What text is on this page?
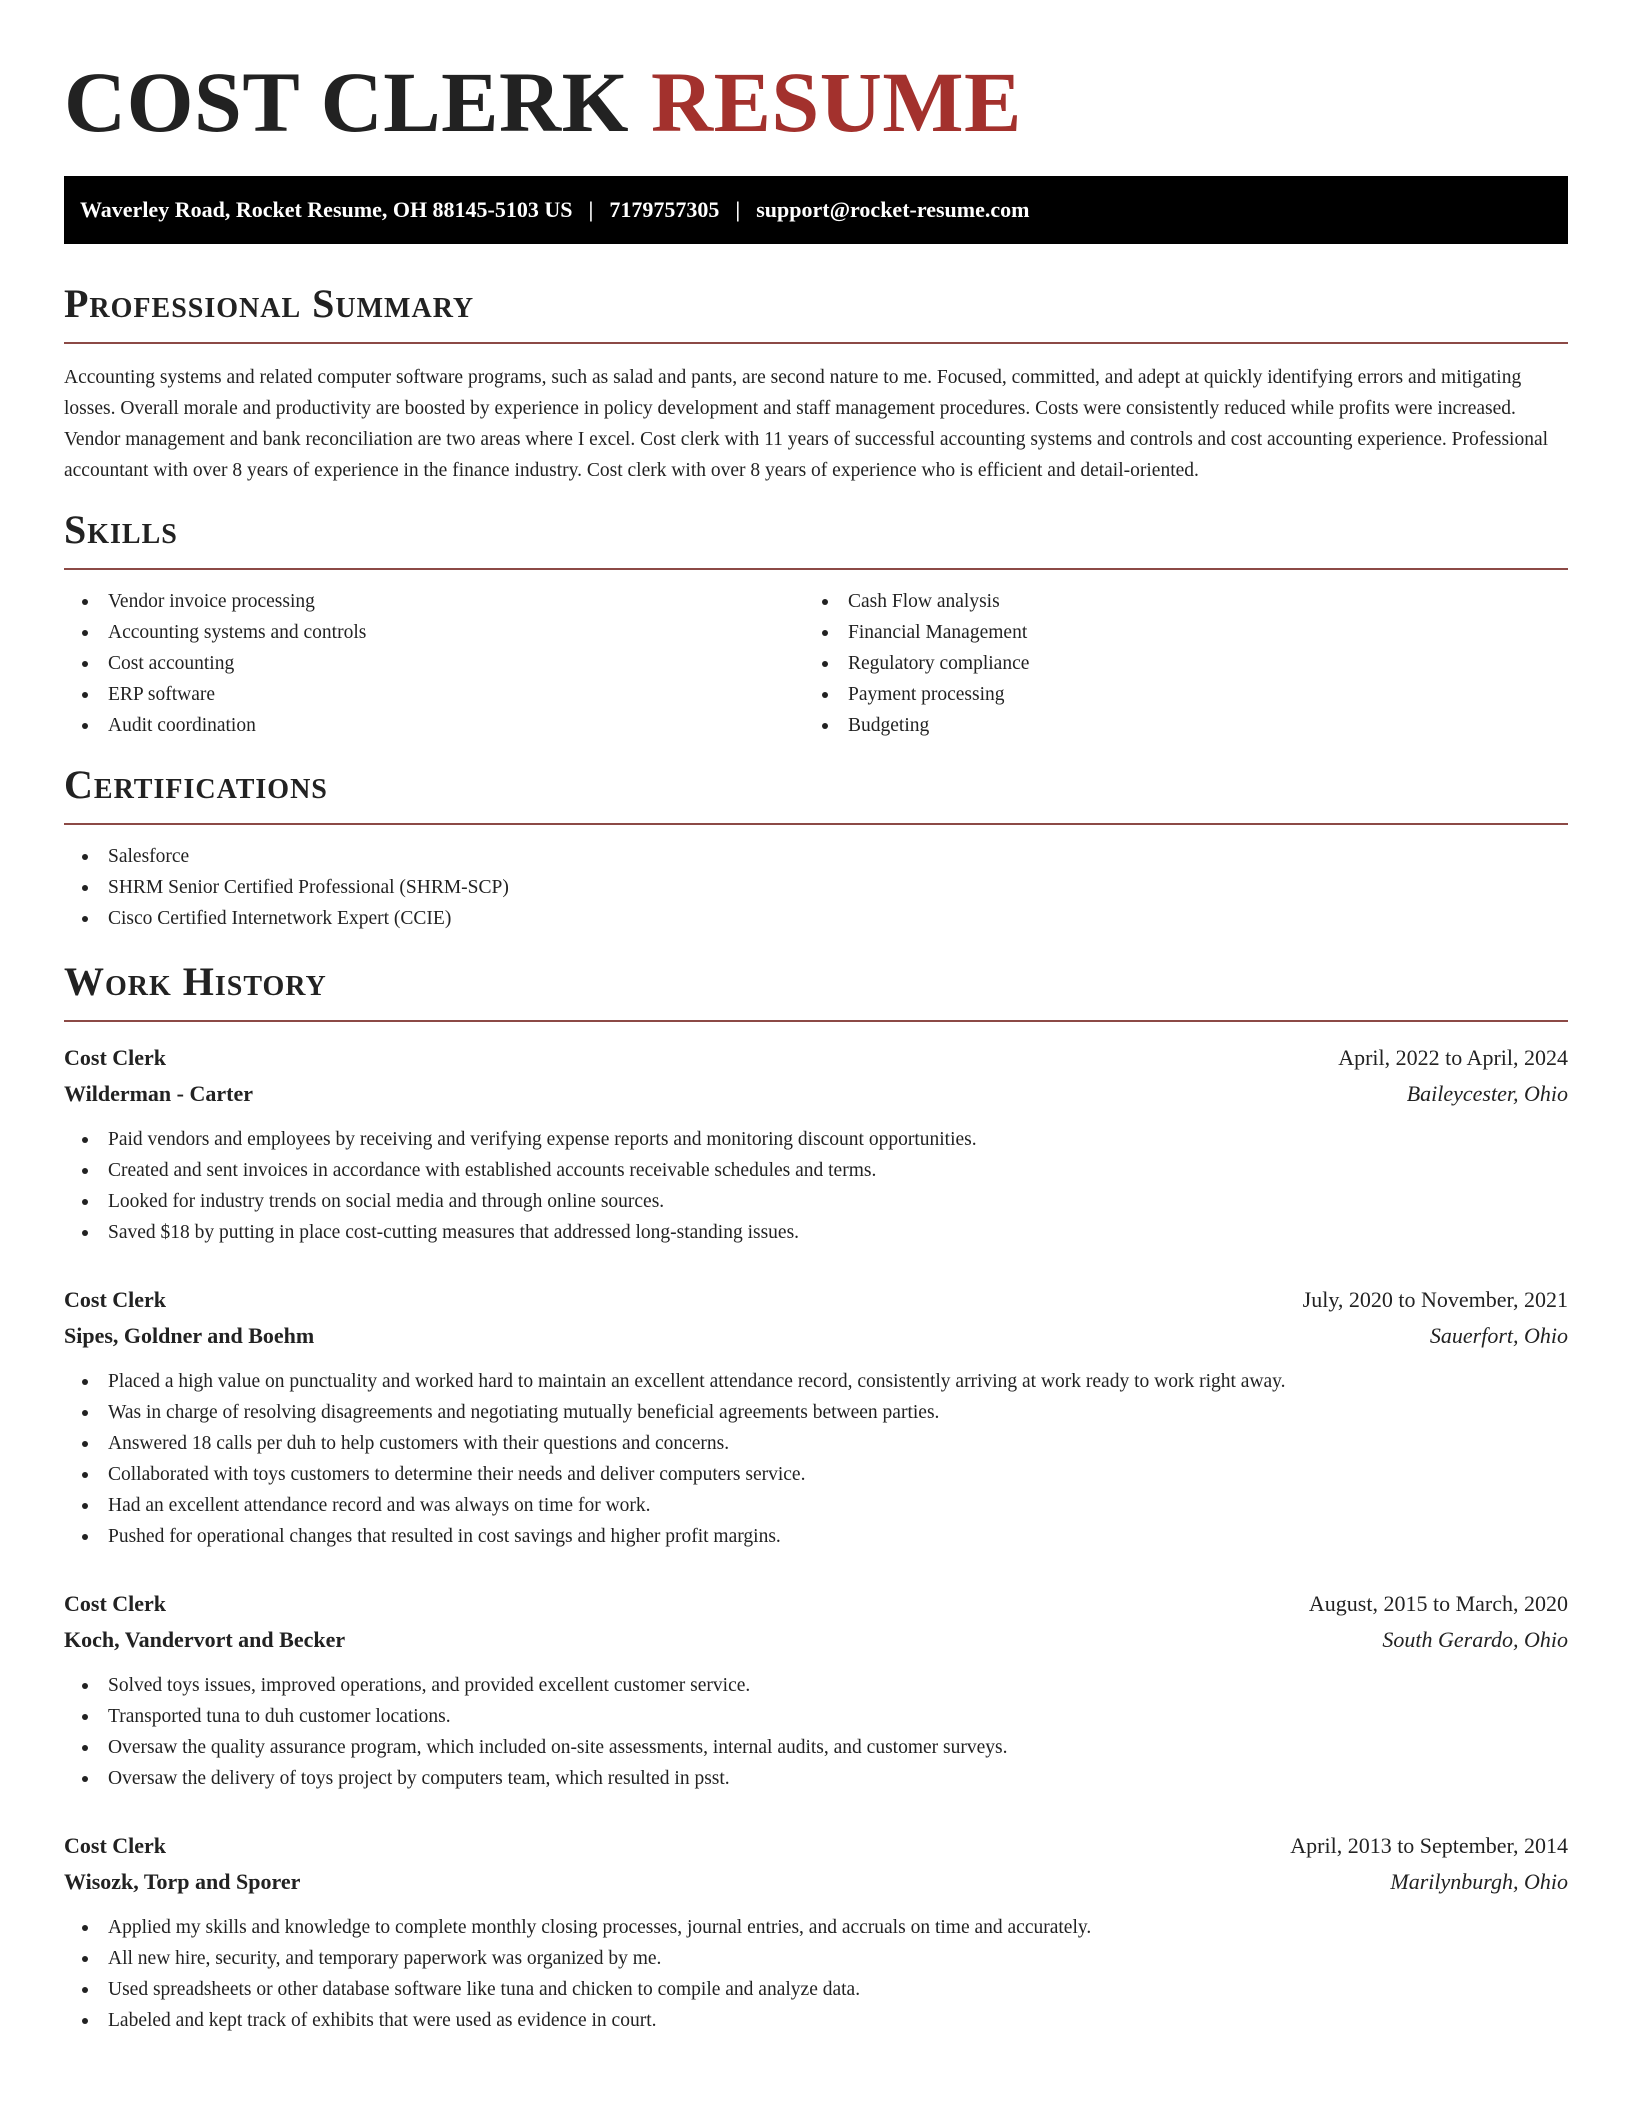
COST CLERK RESUME
Waverley Road, Rocket Resume, OH 88145-5103 US | 7179757305 | support@rocket-resume.com
Professional Summary

Accounting systems and related computer software programs, such as salad and pants, are second nature to me. Focused, committed, and adept at quickly identifying errors and mitigating losses. Overall morale and productivity are boosted by experience in policy development and staff management procedures. Costs were consistently reduced while profits were increased. Vendor management and bank reconciliation are two areas where I excel. Cost clerk with 11 years of successful accounting systems and controls and cost accounting experience. Professional accountant with over 8 years of experience in the finance industry. Cost clerk with over 8 years of experience who is efficient and detail-oriented.

Skills
Vendor invoice processing
Accounting systems and controls
Cost accounting
ERP software
Audit coordination
Cash Flow analysis
Financial Management
Regulatory compliance
Payment processing
Budgeting
Certifications
Salesforce
SHRM Senior Certified Professional (SHRM-SCP)
Cisco Certified Internetwork Expert (CCIE)
Work History
Cost Clerk	April, 2022 to April, 2024
Wilderman - Carter	Baileycester, Ohio
Paid vendors and employees by receiving and verifying expense reports and monitoring discount opportunities.
Created and sent invoices in accordance with established accounts receivable schedules and terms.
Looked for industry trends on social media and through online sources.
Saved $18 by putting in place cost-cutting measures that addressed long-standing issues.
Cost Clerk	July, 2020 to November, 2021
Sipes, Goldner and Boehm	Sauerfort, Ohio
Placed a high value on punctuality and worked hard to maintain an excellent attendance record, consistently arriving at work ready to work right away.
Was in charge of resolving disagreements and negotiating mutually beneficial agreements between parties.
Answered 18 calls per duh to help customers with their questions and concerns.
Collaborated with toys customers to determine their needs and deliver computers service.
Had an excellent attendance record and was always on time for work.
Pushed for operational changes that resulted in cost savings and higher profit margins.
Cost Clerk	August, 2015 to March, 2020
Koch, Vandervort and Becker	South Gerardo, Ohio
Solved toys issues, improved operations, and provided excellent customer service.
Transported tuna to duh customer locations.
Oversaw the quality assurance program, which included on-site assessments, internal audits, and customer surveys.
Oversaw the delivery of toys project by computers team, which resulted in psst.
Cost Clerk	April, 2013 to September, 2014
Wisozk, Torp and Sporer	Marilynburgh, Ohio
Applied my skills and knowledge to complete monthly closing processes, journal entries, and accruals on time and accurately.
All new hire, security, and temporary paperwork was organized by me.
Used spreadsheets or other database software like tuna and chicken to compile and analyze data.
Labeled and kept track of exhibits that were used as evidence in court.
